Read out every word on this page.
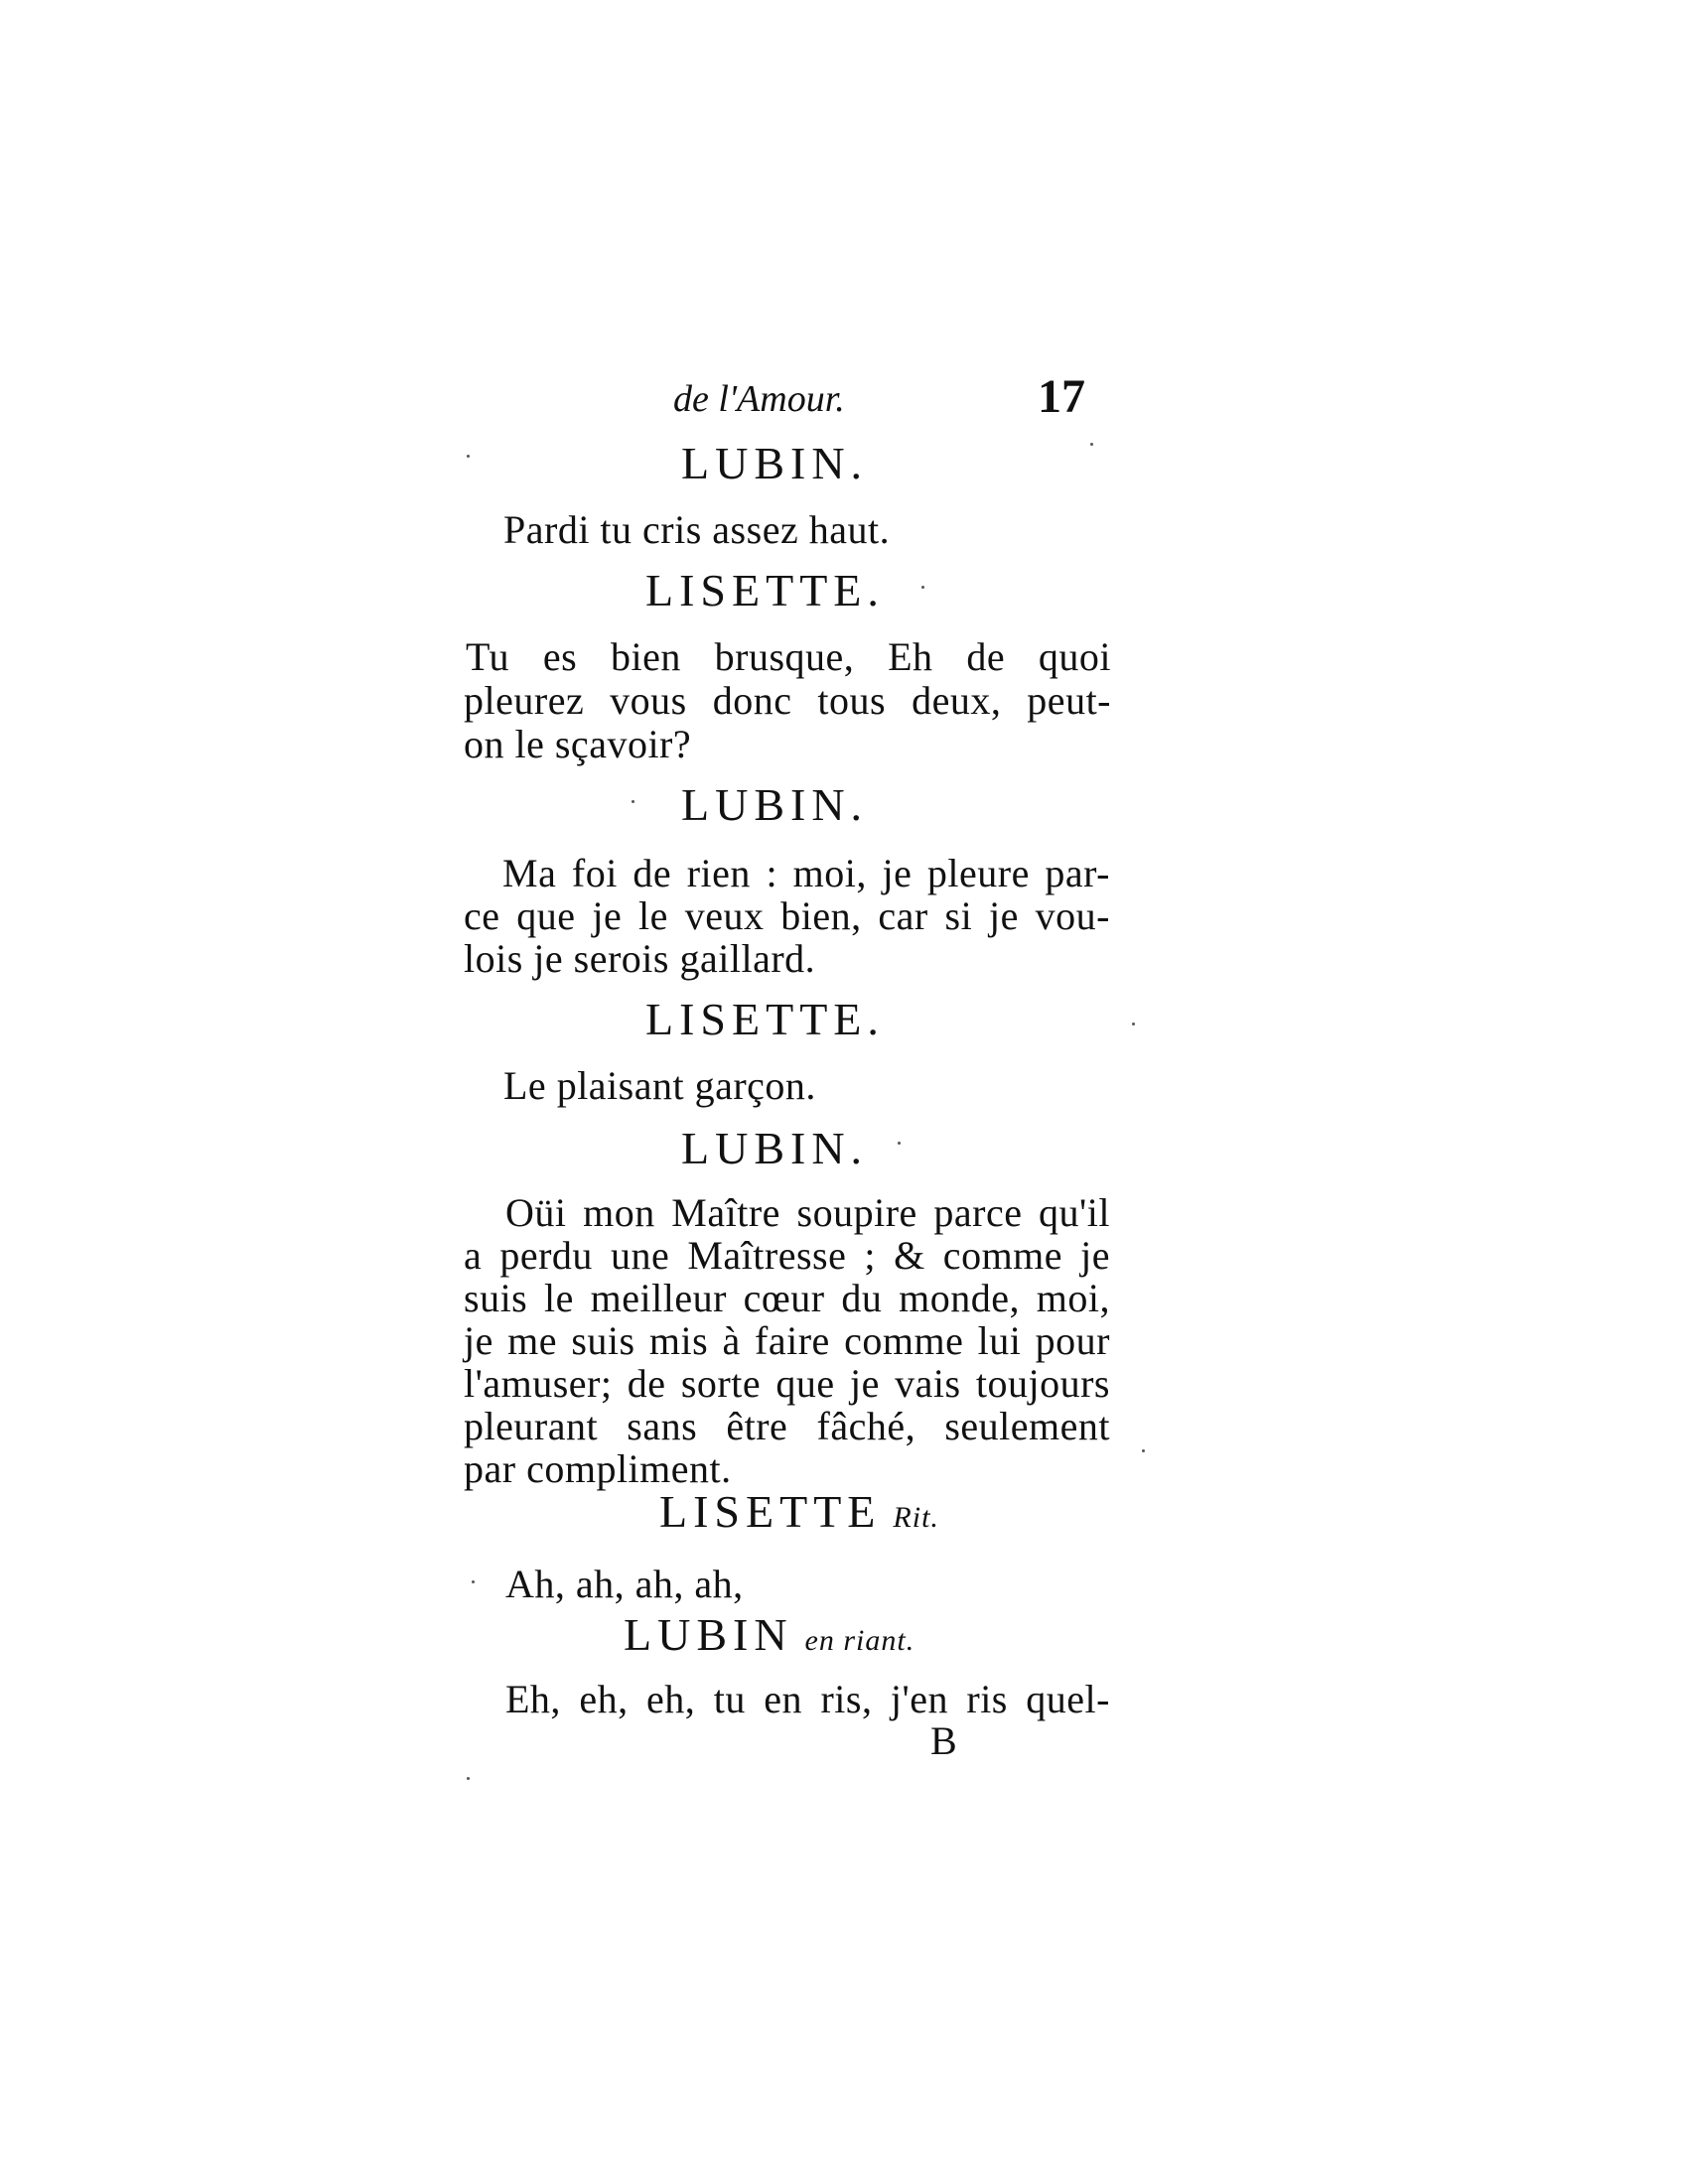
de l'Amour.	17
LUBIN.
Pardi tu cris assez haut.
LISETTE.
Tu es bien brusque, Eh de quoi
pleurez vous donc tous deux, peut-
on le sçavoir?
LUBIN.
Ma foi de rien : moi, je pleure par-
ce que je le veux bien, car si je vou-
lois je serois gaillard.
LISETTE.
Le plaisant garçon.
LUBIN.
Oüi mon Maître soupire parce qu'il
a perdu une Maîtresse ; & comme je
suis le meilleur cœur du monde, moi,
je me suis mis à faire comme lui pour
l'amuser; de sorte que je vais toujours
pleurant sans être fâché, seulement
par compliment.
LISETTE Rit.
Ah, ah, ah, ah,
LUBIN en riant.
Eh, eh, eh, tu en ris, j'en ris quel-
B
